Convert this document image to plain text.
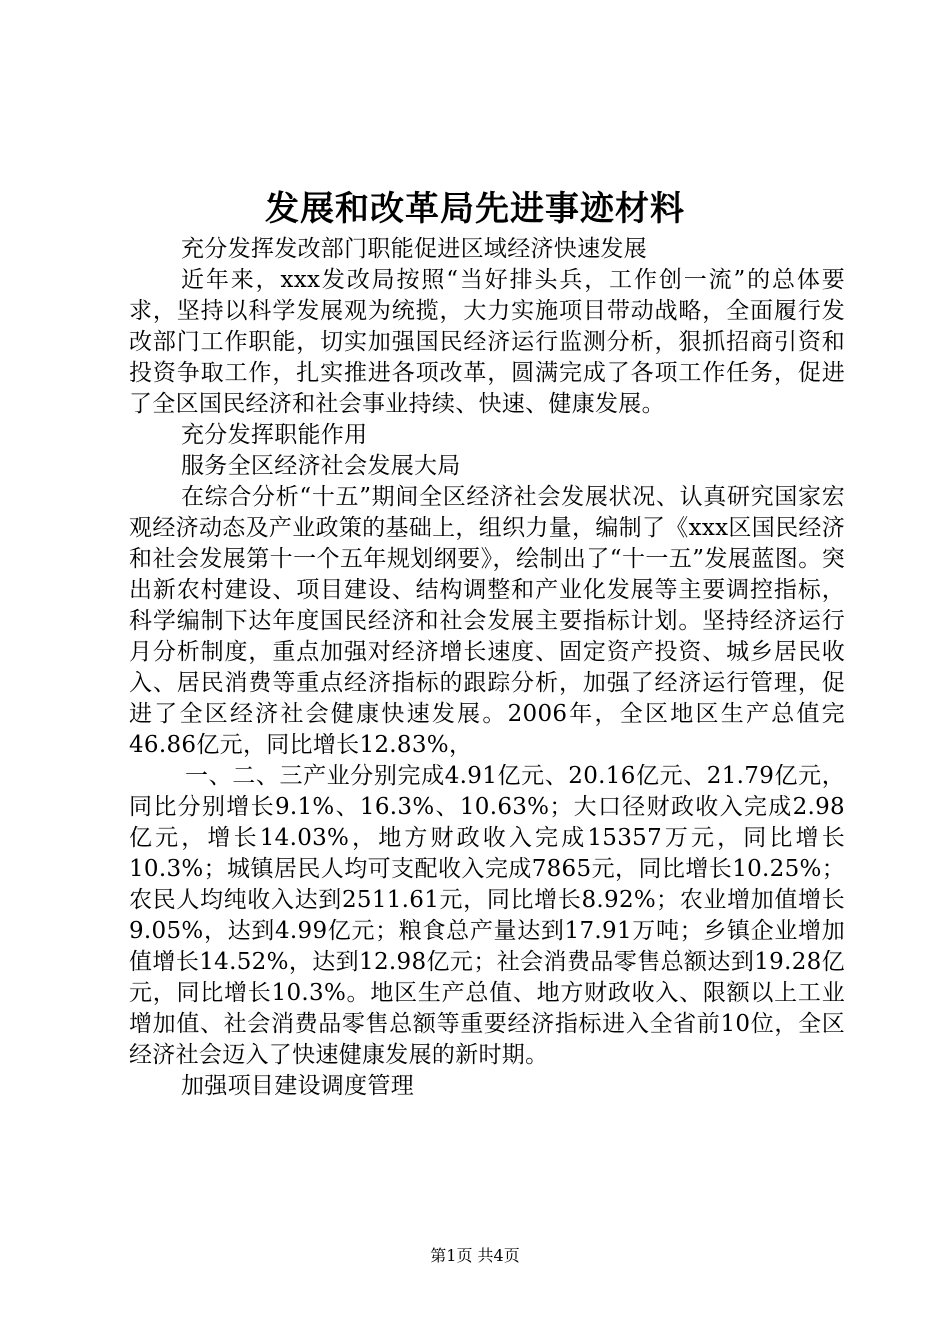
发展和改革局先进事迹材料

充分发挥发改部门职能促进区域经济快速发展

近年来，xxx发改局按照“当好排头兵，工作创一流”的总体要求，坚持以科学发展观为统揽，大力实施项目带动战略，全面履行发改部门工作职能，切实加强国民经济运行监测分析，狠抓招商引资和投资争取工作，扎实推进各项改革，圆满完成了各项工作任务，促进了全区国民经济和社会事业持续、快速、健康发展。

充分发挥职能作用

服务全区经济社会发展大局

在综合分析“十五”期间全区经济社会发展状况、认真研究国家宏观经济动态及产业政策的基础上，组织力量，编制了《xxx区国民经济和社会发展第十一个五年规划纲要》，绘制出了“十一五”发展蓝图。突出新农村建设、项目建设、结构调整和产业化发展等主要调控指标，科学编制下达年度国民经济和社会发展主要指标计划。坚持经济运行月分析制度，重点加强对经济增长速度、固定资产投资、城乡居民收入、居民消费等重点经济指标的跟踪分析，加强了经济运行管理，促进了全区经济社会健康快速发展。2006年，全区地区生产总值完46.86亿元，同比增长12.83%，

一、二、三产业分别完成4.91亿元、20.16亿元、21.79亿元，同比分别增长9.1%、16.3%、10.63%；大口径财政收入完成2.98亿元，增长14.03%，地方财政收入完成15357万元，同比增长10.3%；城镇居民人均可支配收入完成7865元，同比增长10.25%；农民人均纯收入达到2511.61元，同比增长8.92%；农业增加值增长9.05%，达到4.99亿元；粮食总产量达到17.91万吨；乡镇企业增加值增长14.52%，达到12.98亿元；社会消费品零售总额达到19.28亿元，同比增长10.3%。地区生产总值、地方财政收入、限额以上工业增加值、社会消费品零售总额等重要经济指标进入全省前10位，全区经济社会迈入了快速健康发展的新时期。

加强项目建设调度管理

第1页 共4页
